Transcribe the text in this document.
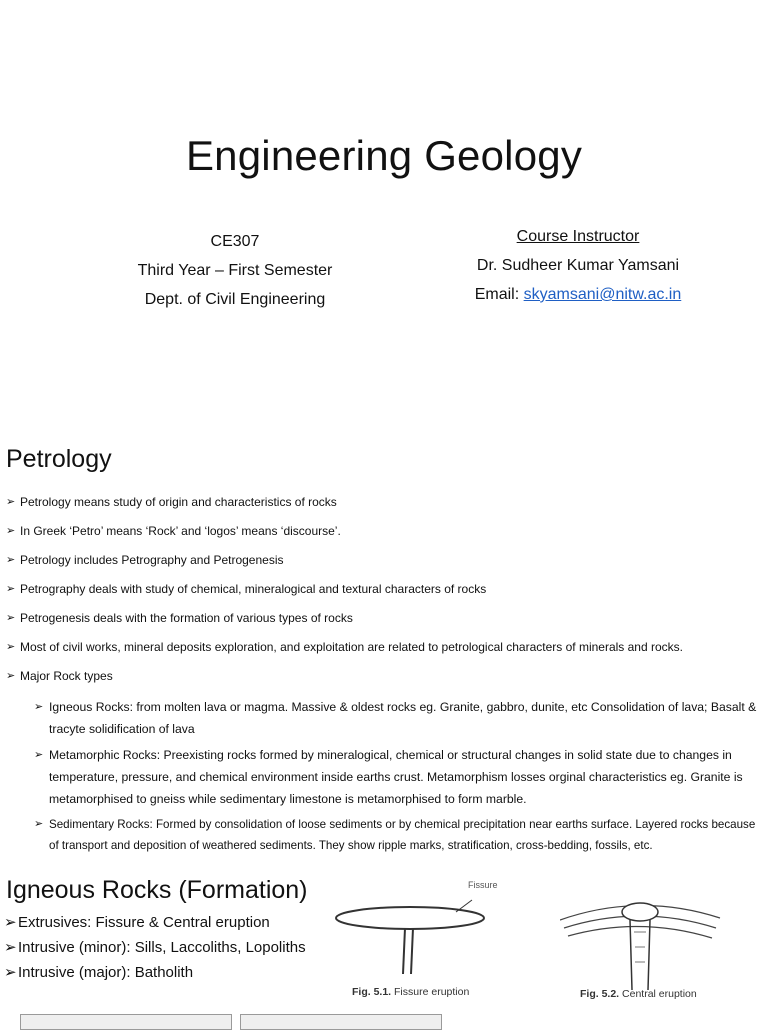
Engineering Geology
CE307
Third Year – First Semester
Dept. of Civil Engineering
Course Instructor
Dr. Sudheer Kumar Yamsani
Email: skyamsani@nitw.ac.in
Petrology
➢ Petrology means study of origin and characteristics of rocks
➢ In Greek ‘Petro’ means ‘Rock’ and ‘logos’ means ‘discourse’.
➢ Petrology includes Petrography and Petrogenesis
➢ Petrography deals with study of chemical, mineralogical and textural characters of rocks
➢ Petrogenesis deals with the formation of various types of rocks
➢ Most of civil works, mineral deposits exploration, and exploitation are related to petrological characters of minerals and rocks.
➢ Major Rock types
➢ Igneous Rocks: from molten lava or magma. Massive & oldest rocks eg. Granite, gabbro, dunite, etc Consolidation of lava; Basalt & tracyte solidification of lava
➢ Metamorphic Rocks: Preexisting rocks formed by mineralogical, chemical or structural changes in solid state due to changes in temperature, pressure, and chemical environment inside earths crust. Metamorphism losses orginal characteristics eg. Granite is metamorphised to gneiss while sedimentary limestone is metamorphised to form marble.
➢ Sedimentary Rocks: Formed by consolidation of loose sediments or by chemical precipitation near earths surface. Layered rocks because of transport and deposition of weathered sediments. They show ripple marks, stratification, cross-bedding, fossils, etc.
Igneous Rocks (Formation)
➢ Extrusives: Fissure & Central eruption
➢ Intrusive (minor): Sills, Laccoliths, Lopoliths
➢ Intrusive (major): Batholith
Fissure
Fig. 5.1. Fissure eruption	Fig. 5.2. Central eruption
